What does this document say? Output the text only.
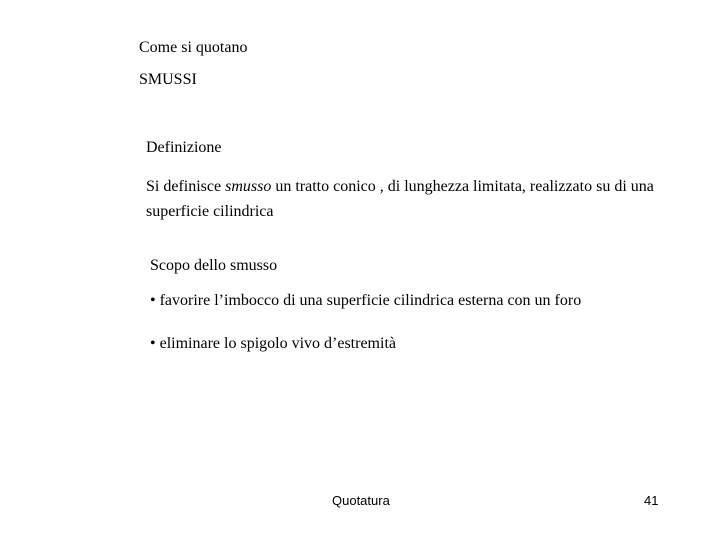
Come si quotano
SMUSSI
Definizione
Si definisce smusso un tratto conico , di lunghezza limitata, realizzato su di una superficie cilindrica
Scopo dello smusso
• favorire l’imbocco di una superficie cilindrica esterna con un foro
• eliminare lo spigolo vivo d’estremità
Quotatura	41
